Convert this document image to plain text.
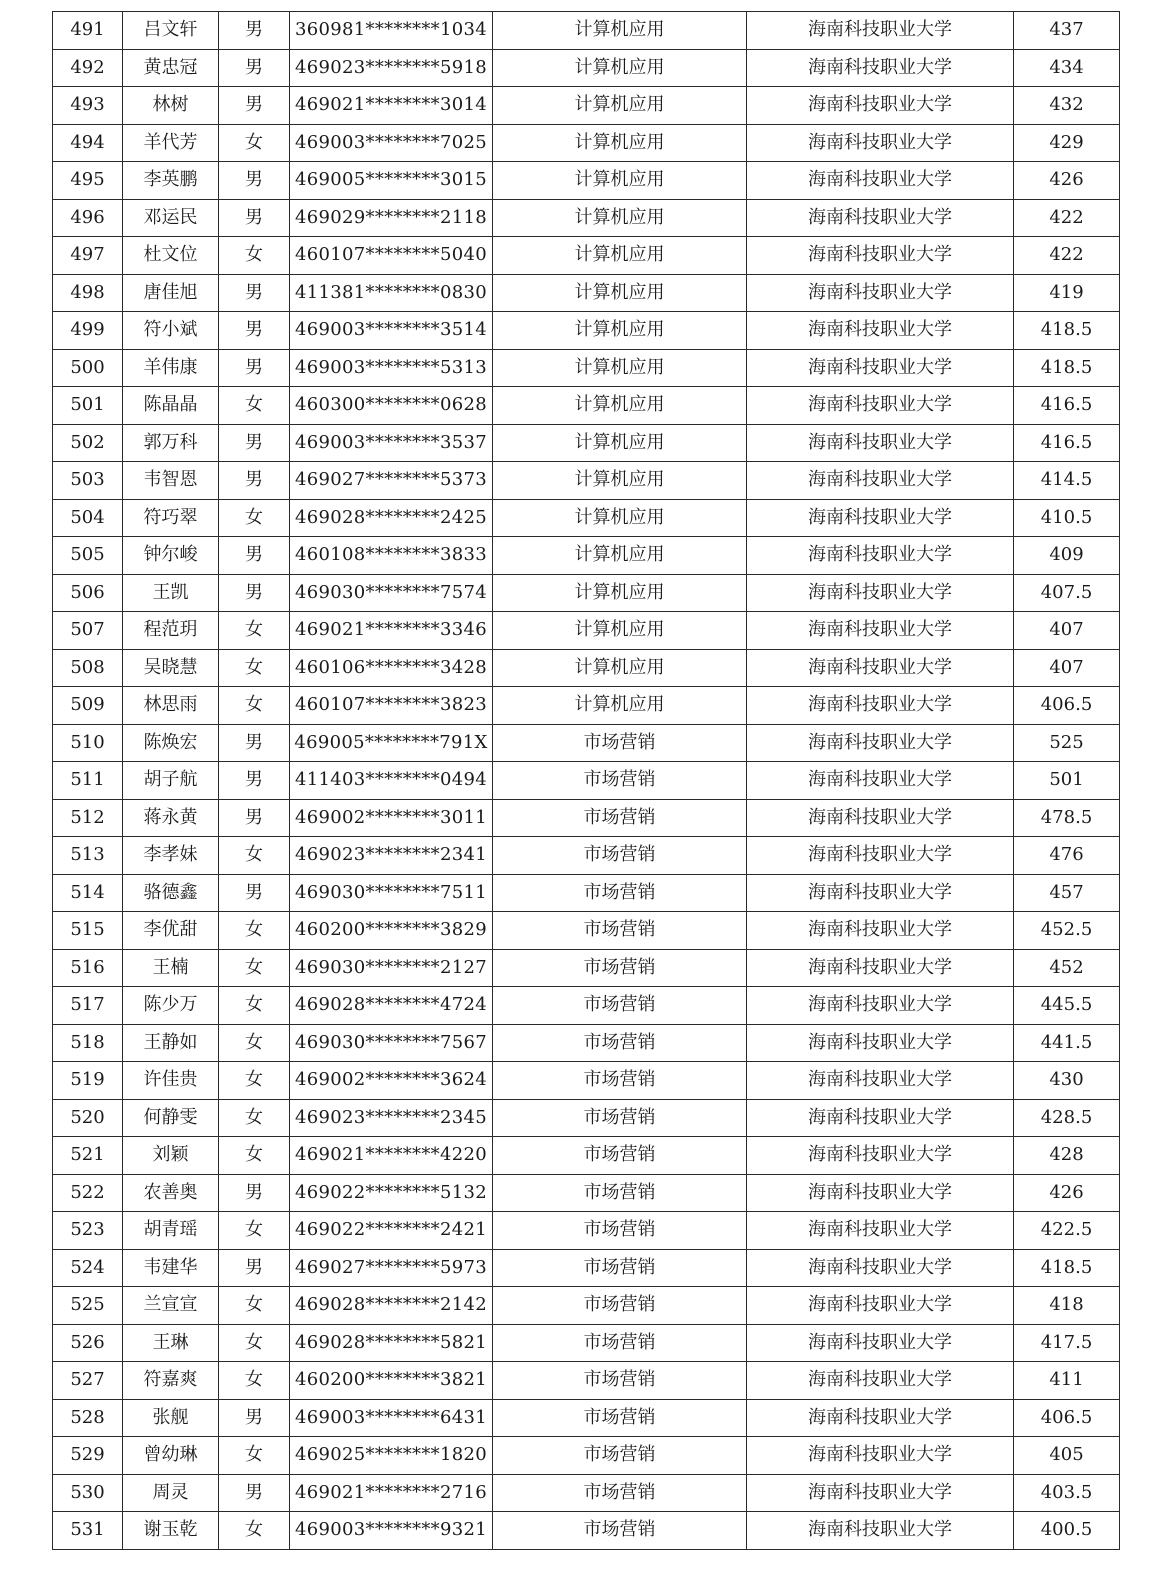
491	吕文轩	男	360981********1034	计算机应用	海南科技职业大学	437
492	黄忠冠	男	469023********5918	计算机应用	海南科技职业大学	434
493	林树	男	469021********3014	计算机应用	海南科技职业大学	432
494	羊代芳	女	469003********7025	计算机应用	海南科技职业大学	429
495	李英鹏	男	469005********3015	计算机应用	海南科技职业大学	426
496	邓运民	男	469029********2118	计算机应用	海南科技职业大学	422
497	杜文位	女	460107********5040	计算机应用	海南科技职业大学	422
498	唐佳旭	男	411381********0830	计算机应用	海南科技职业大学	419
499	符小斌	男	469003********3514	计算机应用	海南科技职业大学	418.5
500	羊伟康	男	469003********5313	计算机应用	海南科技职业大学	418.5
501	陈晶晶	女	460300********0628	计算机应用	海南科技职业大学	416.5
502	郭万科	男	469003********3537	计算机应用	海南科技职业大学	416.5
503	韦智恩	男	469027********5373	计算机应用	海南科技职业大学	414.5
504	符巧翠	女	469028********2425	计算机应用	海南科技职业大学	410.5
505	钟尔峻	男	460108********3833	计算机应用	海南科技职业大学	409
506	王凯	男	469030********7574	计算机应用	海南科技职业大学	407.5
507	程范玥	女	469021********3346	计算机应用	海南科技职业大学	407
508	吴晓慧	女	460106********3428	计算机应用	海南科技职业大学	407
509	林思雨	女	460107********3823	计算机应用	海南科技职业大学	406.5
510	陈焕宏	男	469005********791X	市场营销	海南科技职业大学	525
511	胡子航	男	411403********0494	市场营销	海南科技职业大学	501
512	蒋永黄	男	469002********3011	市场营销	海南科技职业大学	478.5
513	李孝妹	女	469023********2341	市场营销	海南科技职业大学	476
514	骆德鑫	男	469030********7511	市场营销	海南科技职业大学	457
515	李优甜	女	460200********3829	市场营销	海南科技职业大学	452.5
516	王楠	女	469030********2127	市场营销	海南科技职业大学	452
517	陈少万	女	469028********4724	市场营销	海南科技职业大学	445.5
518	王静如	女	469030********7567	市场营销	海南科技职业大学	441.5
519	许佳贵	女	469002********3624	市场营销	海南科技职业大学	430
520	何静雯	女	469023********2345	市场营销	海南科技职业大学	428.5
521	刘颖	女	469021********4220	市场营销	海南科技职业大学	428
522	农善奥	男	469022********5132	市场营销	海南科技职业大学	426
523	胡青瑶	女	469022********2421	市场营销	海南科技职业大学	422.5
524	韦建华	男	469027********5973	市场营销	海南科技职业大学	418.5
525	兰宣宣	女	469028********2142	市场营销	海南科技职业大学	418
526	王琳	女	469028********5821	市场营销	海南科技职业大学	417.5
527	符嘉爽	女	460200********3821	市场营销	海南科技职业大学	411
528	张舰	男	469003********6431	市场营销	海南科技职业大学	406.5
529	曾幼琳	女	469025********1820	市场营销	海南科技职业大学	405
530	周灵	男	469021********2716	市场营销	海南科技职业大学	403.5
531	谢玉乾	女	469003********9321	市场营销	海南科技职业大学	400.5
